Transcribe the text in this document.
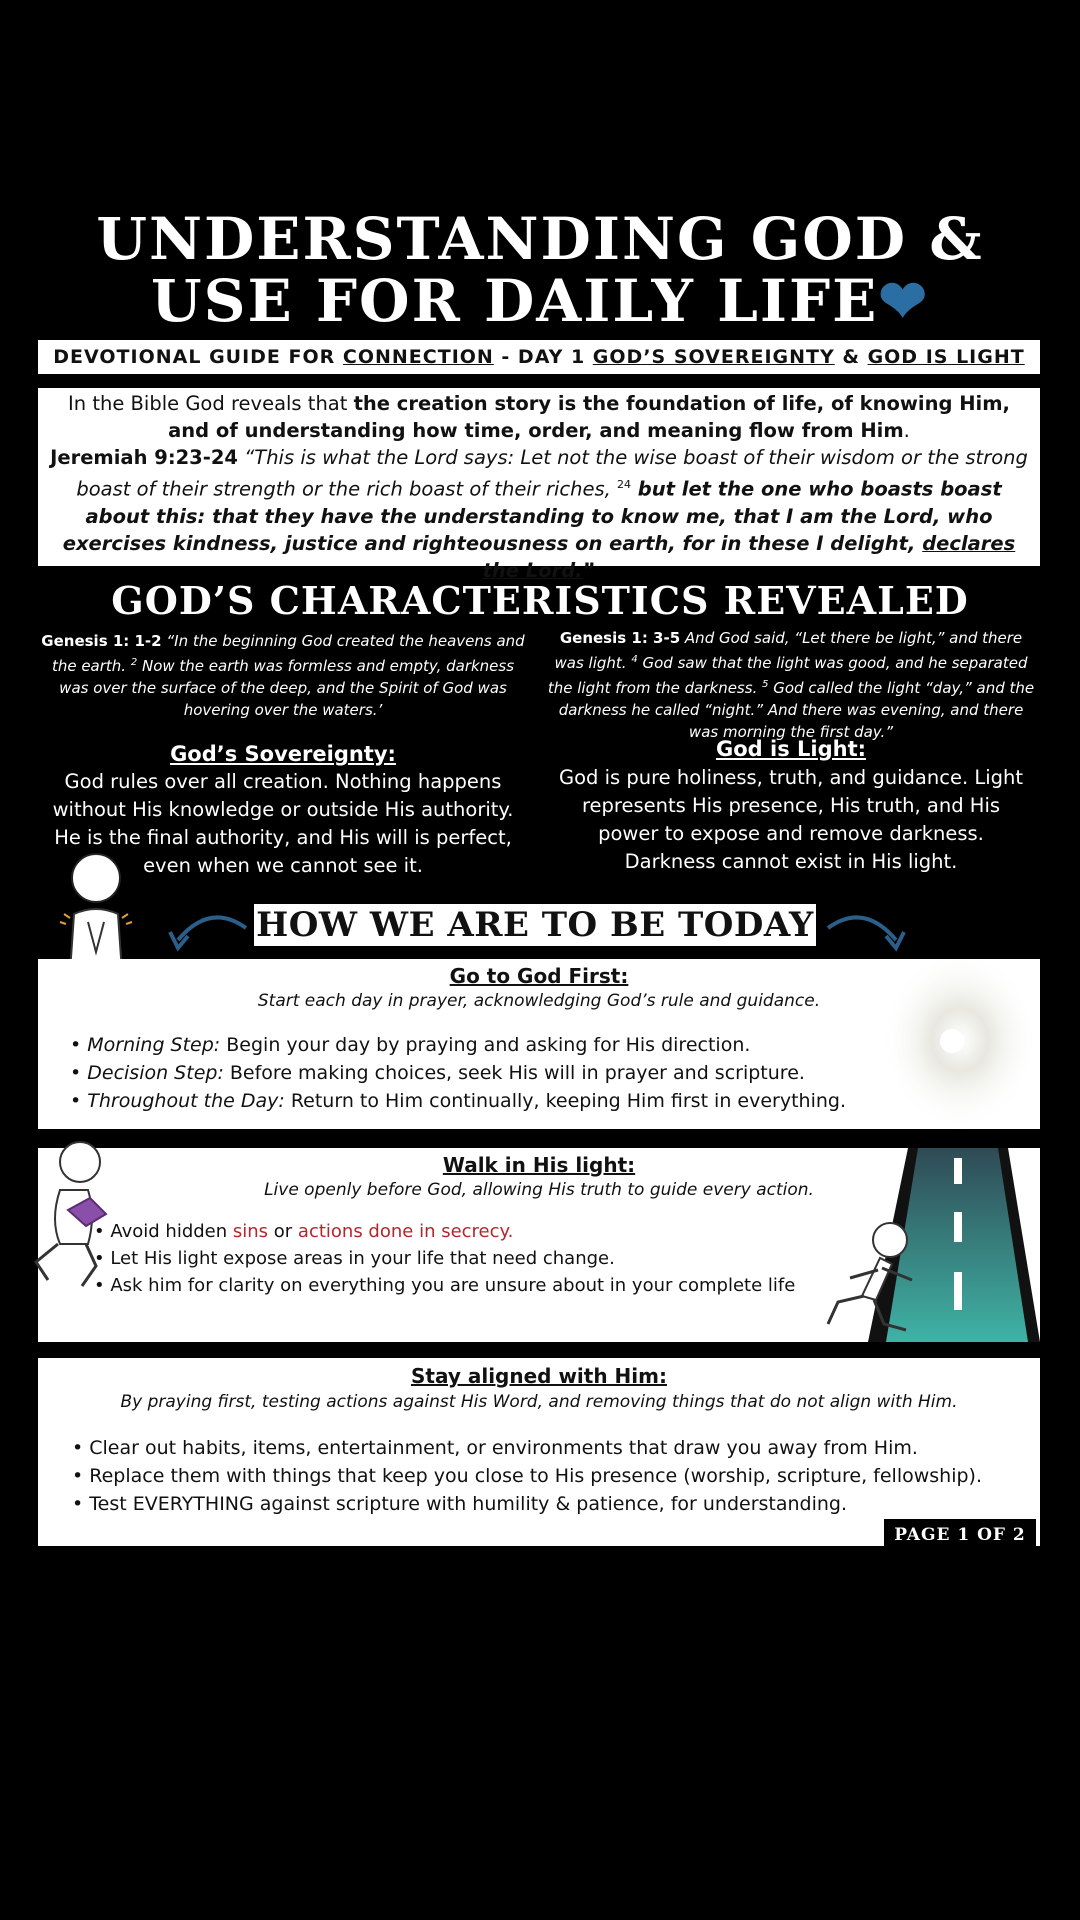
UNDERSTANDING GOD &
USE FOR DAILY LIFE❤
DEVOTIONAL GUIDE FOR CONNECTION - DAY 1 GOD’S SOVEREIGNTY & GOD IS LIGHT
In the Bible God reveals that the creation story is the foundation of life, of knowing Him, and of understanding how time, order, and meaning flow from Him.
Jeremiah 9:23-24 “This is what the Lord says: Let not the wise boast of their wisdom or the strong boast of their strength or the rich boast of their riches, $^{24}$ but let the one who boasts boast about this: that they have the understanding to know me, that I am the Lord, who exercises kindness, justice and righteousness on earth, for in these I delight, declares the Lord.”
GOD’S CHARACTERISTICS REVEALED
Genesis 1: 1-2 “In the beginning God created the heavens and the earth. $^2$ Now the earth was formless and empty, darkness was over the surface of the deep, and the Spirit of God was hovering over the waters.’
God’s Sovereignty:
God rules over all creation. Nothing happens without His knowledge or outside His authority. He is the final authority, and His will is perfect, even when we cannot see it.
Genesis 1: 3-5 And God said, “Let there be light,” and there was light. $^4$ God saw that the light was good, and he separated the light from the darkness. $^5$ God called the light “day,” and the darkness he called “night.” And there was evening, and there was morning the first day.”
God is Light:
God is pure holiness, truth, and guidance. Light represents His presence, His truth, and His power to expose and remove darkness. Darkness cannot exist in His light.
HOW WE ARE TO BE TODAY
Go to God First:
Start each day in prayer, acknowledging God’s rule and guidance.
• Morning Step: Begin your day by praying and asking for His direction.
• Decision Step: Before making choices, seek His will in prayer and scripture.
• Throughout the Day: Return to Him continually, keeping Him first in everything.
Walk in His light:
Live openly before God, allowing His truth to guide every action.
• Avoid hidden sins or actions done in secrecy.
• Let His light expose areas in your life that need change.
• Ask him for clarity on everything you are unsure about in your complete life
Stay aligned with Him:
By praying first, testing actions against His Word, and removing things that do not align with Him.
• Clear out habits, items, entertainment, or environments that draw you away from Him.
• Replace them with things that keep you close to His presence (worship, scripture, fellowship).
• Test EVERYTHING against scripture with humility & patience, for understanding.
PAGE 1 OF 2
